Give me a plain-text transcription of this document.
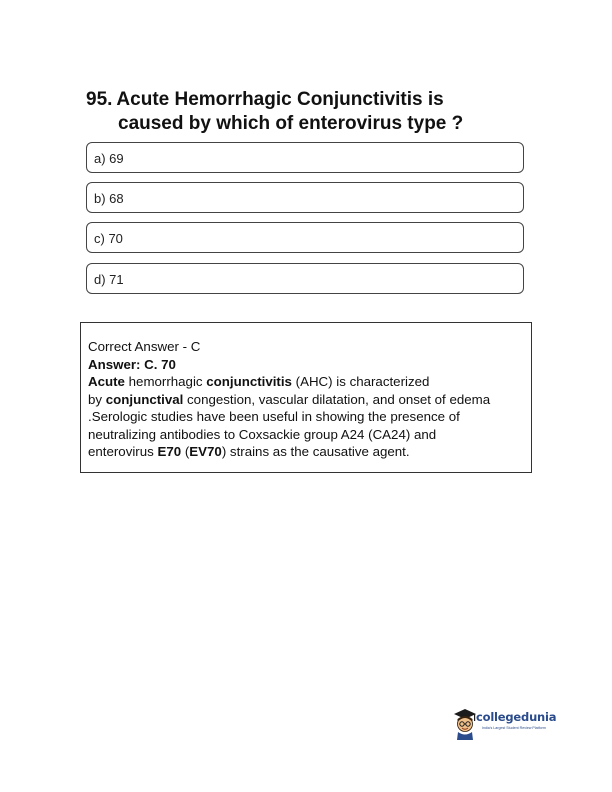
95. Acute Hemorrhagic Conjunctivitis is
caused by which of enterovirus type ?
a) 69
b) 68
c) 70
d) 71
Correct Answer - C
Answer: C. 70
Acute hemorrhagic conjunctivitis (AHC) is characterized
by conjunctival congestion, vascular dilatation, and onset of edema
.Serologic studies have been useful in showing the presence of
neutralizing antibodies to Coxsackie group A24 (CA24) and
enterovirus E70 (EV70) strains as the causative agent.
collegedunia
India's Largest Student Review Platform
